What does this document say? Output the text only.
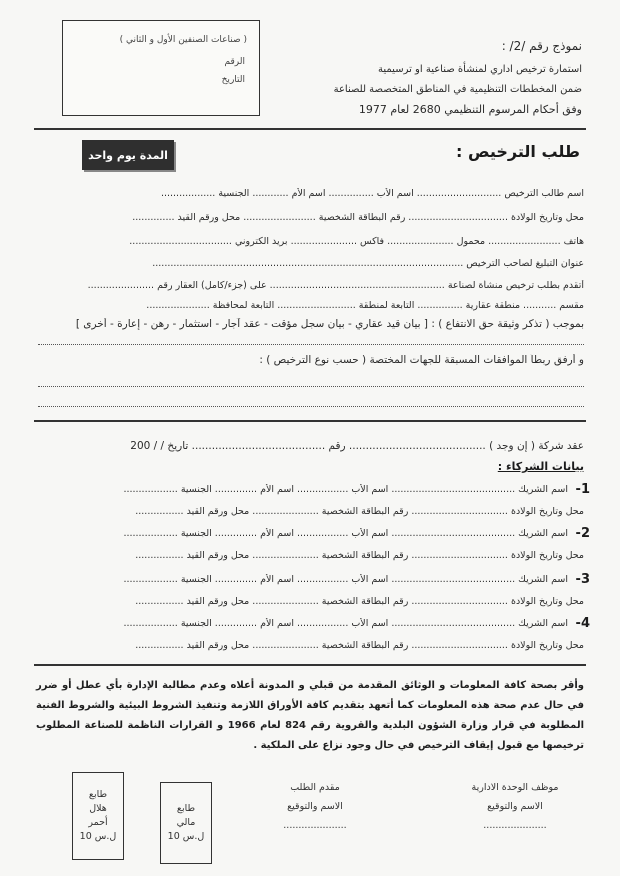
( صناعات الصنفين الأول و الثاني )
الرقم
التاريخ
نموذج رقم /2/ :
استمارة ترخيص اداري لمنشأة صناعية او ترسيمية
ضمن المخططات التنظيمية في المناطق المتخصصة للصناعة
وفق أحكام المرسوم التنظيمي 2680 لعام 1977
طلب الترخيص :
المدة يوم واحد
اسم طالب الترخيص ............................ اسم الأب ............... اسم الأم ............ الجنسية ..................
محل وتاريخ الولادة ................................. رقم البطاقة الشخصية ........................ محل ورقم القيد ..............
هاتف ........................ محمول ...................... فاكس ...................... بريد الكتروني ..................................
عنوان التبليغ لصاحب الترخيص .......................................................................................................
أتقدم بطلب ترخيص منشأة لصناعة .......................................................... على (جزء/كامل) العقار رقم ......................
مقسم ........... منطقة عقارية ............... التابعة لمنطقة .......................... التابعة لمحافظة .....................
بموجب ( تذكر وثيقة حق الانتفاع ) : [ بيان قيد عقاري - بيان سجل مؤقت - عقد آجار - استثمار - رهن - إعارة - أخرى ]
و أرفق ربطاً الموافقات المسبقة للجهات المختصة ( حسب نوع الترخيص ) :
عقد شركة ( إن وجد ) ......................................... رقم ........................................ تاريخ / / 200
بيانات الشركاء :
1-
اسم الشريك ......................................... اسم الأب ................. اسم الأم .............. الجنسية ..................
محل وتاريخ الولادة ................................ رقم البطاقة الشخصية ...................... محل ورقم القيد ................
2-
اسم الشريك ......................................... اسم الأب ................. اسم الأم .............. الجنسية ..................
محل وتاريخ الولادة ................................ رقم البطاقة الشخصية ...................... محل ورقم القيد ................
3-
اسم الشريك ......................................... اسم الأب ................. اسم الأم .............. الجنسية ..................
محل وتاريخ الولادة ................................ رقم البطاقة الشخصية ...................... محل ورقم القيد ................
4-
اسم الشريك ......................................... اسم الأب ................. اسم الأم .............. الجنسية ..................
محل وتاريخ الولادة ................................ رقم البطاقة الشخصية ...................... محل ورقم القيد ................
وأقر بصحة كافة المعلومات و الوثائق المقدمة من قبلي و المدونة أعلاه وعدم مطالبة الإدارة بأي عطل أو ضرر في حال عدم صحة هذه المعلومات كما أتعهد بتقديم كافة الأوراق اللازمة وتنفيذ الشروط البيئية والشروط الفنية المطلوبة في قرار وزارة الشؤون البلدية والقروية رقم 824 لعام 1966 و القرارات الناظمة للصناعة المطلوب ترخيصها مع قبول إيقاف الترخيص في حال وجود نزاع على الملكية .
موظف الوحدة الادارية
الاسم والتوقيع
.....................
مقدم الطلب
الاسم والتوقيع
.....................
طابع
مالي
10 ل.س
طابع
هلال
أحمر
10 ل.س
